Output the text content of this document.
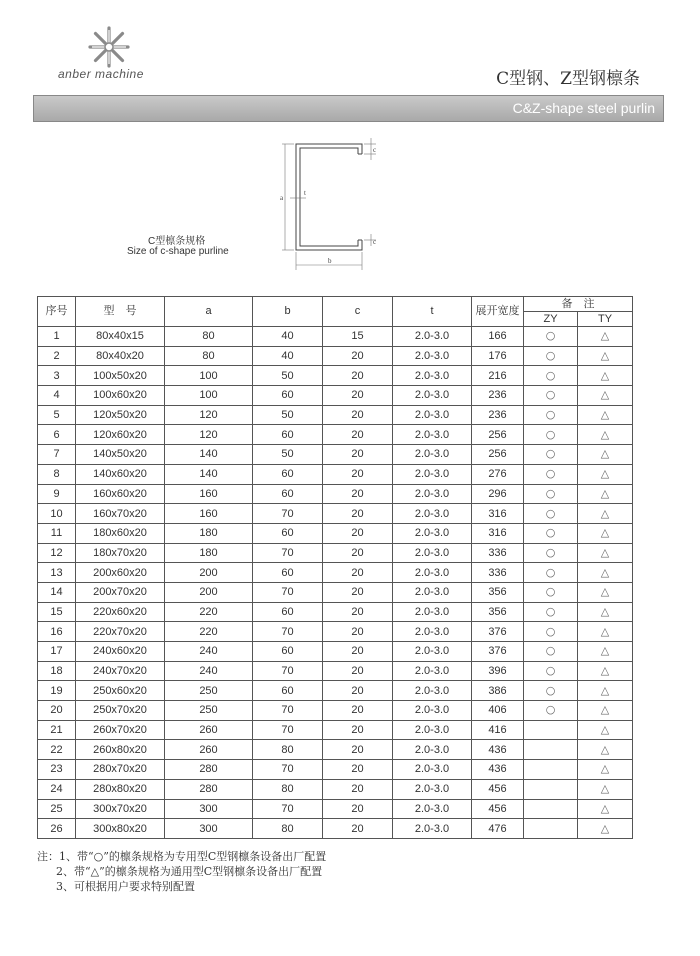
anber machine	C型钢、Z型钢檩条
C&Z-shape steel purlin
a
t
b
c
c
C型檩条规格
Size of c-shape purline
序号	型　号	a	b	c	t	展开宽度	备　注	
							ZY	TY
1	80x40x15	80	40	15	2.0-3.0	166	○	△
2	80x40x20	80	40	20	2.0-3.0	176	○	△
3	100x50x20	100	50	20	2.0-3.0	216	○	△
4	100x60x20	100	60	20	2.0-3.0	236	○	△
5	120x50x20	120	50	20	2.0-3.0	236	○	△
6	120x60x20	120	60	20	2.0-3.0	256	○	△
7	140x50x20	140	50	20	2.0-3.0	256	○	△
8	140x60x20	140	60	20	2.0-3.0	276	○	△
9	160x60x20	160	60	20	2.0-3.0	296	○	△
10	160x70x20	160	70	20	2.0-3.0	316	○	△
11	180x60x20	180	60	20	2.0-3.0	316	○	△
12	180x70x20	180	70	20	2.0-3.0	336	○	△
13	200x60x20	200	60	20	2.0-3.0	336	○	△
14	200x70x20	200	70	20	2.0-3.0	356	○	△
15	220x60x20	220	60	20	2.0-3.0	356	○	△
16	220x70x20	220	70	20	2.0-3.0	376	○	△
17	240x60x20	240	60	20	2.0-3.0	376	○	△
18	240x70x20	240	70	20	2.0-3.0	396	○	△
19	250x60x20	250	60	20	2.0-3.0	386	○	△
20	250x70x20	250	70	20	2.0-3.0	406	○	△
21	260x70x20	260	70	20	2.0-3.0	416		△
22	260x80x20	260	80	20	2.0-3.0	436		△
23	280x70x20	280	70	20	2.0-3.0	436		△
24	280x80x20	280	80	20	2.0-3.0	456		△
25	300x70x20	300	70	20	2.0-3.0	456		△
26	300x80x20	300	80	20	2.0-3.0	476		△
注：1、带“○”的檩条规格为专用型C型钢檩条设备出厂配置
2、带“△”的檩条规格为通用型C型钢檩条设备出厂配置
3、可根据用户要求特别配置
